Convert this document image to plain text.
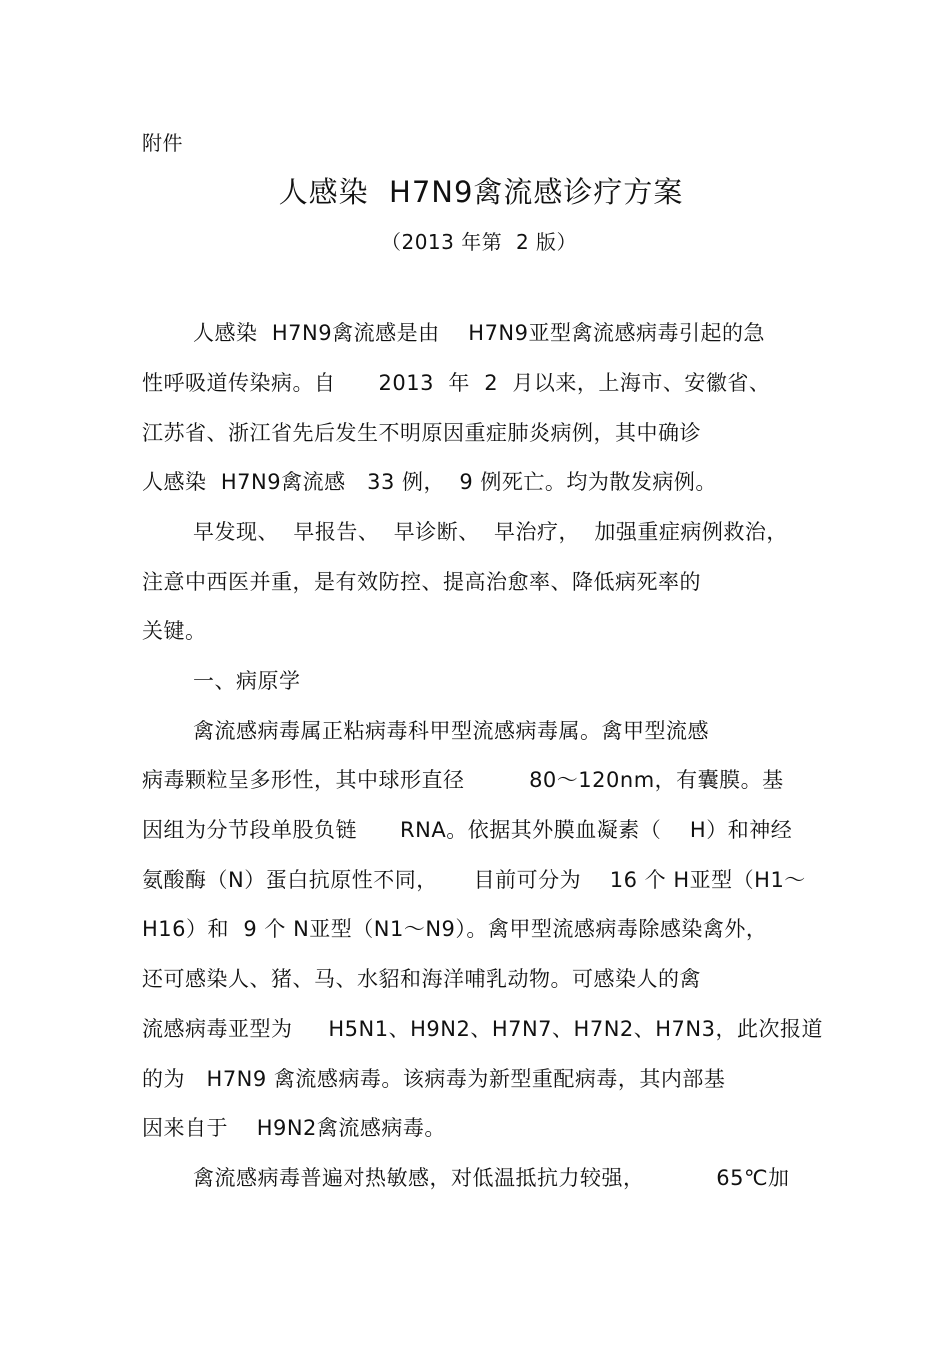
附件
人感染  H7N9禽流感诊疗方案
（2013 年第  2 版）
人感染  H7N9禽流感是由    H7N9亚型禽流感病毒引起的急
性呼吸道传染病。自      2013  年  2  月以来，上海市、安徽省、
江苏省、浙江省先后发生不明原因重症肺炎病例，其中确诊
人感染  H7N9禽流感   33 例，  9 例死亡。均为散发病例。
早发现、  早报告、  早诊断、  早治疗，  加强重症病例救治，
注意中西医并重，是有效防控、提高治愈率、降低病死率的
关键。
一、病原学
禽流感病毒属正粘病毒科甲型流感病毒属。禽甲型流感
病毒颗粒呈多形性，其中球形直径         80～120nm，有囊膜。基
因组为分节段单股负链      RNA。依据其外膜血凝素（    H）和神经
氨酸酶（N）蛋白抗原性不同，     目前可分为    16 个 H亚型（H1～
H16）和  9 个 N亚型（N1～N9）。禽甲型流感病毒除感染禽外，
还可感染人、猪、马、水貂和海洋哺乳动物。可感染人的禽
流感病毒亚型为     H5N1、H9N2、H7N7、H7N2、H7N3，此次报道
的为   H7N9 禽流感病毒。该病毒为新型重配病毒，其内部基
因来自于    H9N2禽流感病毒。
禽流感病毒普遍对热敏感，对低温抵抗力较强，          65℃加
